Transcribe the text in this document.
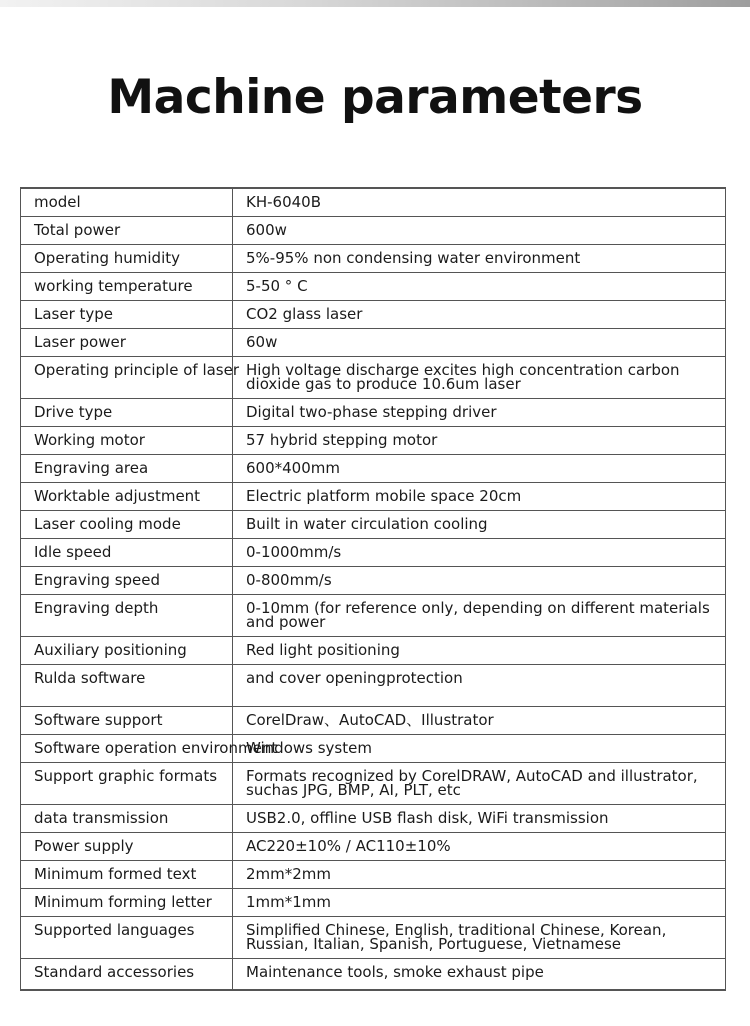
Machine parameters
model	KH-6040B
Total power	600w
Operating humidity	5%-95% non condensing water environment
working temperature	5-50 ° C
Laser type	CO2 glass laser
Laser power	60w
Operating principle of laser	High voltage discharge excites high concentration carbon dioxide gas to produce 10.6um laser
Drive type	Digital two-phase stepping driver
Working motor	57 hybrid stepping motor
Engraving area	600*400mm
Worktable adjustment	Electric platform mobile space 20cm
Laser cooling mode	Built in water circulation cooling
Idle speed	0-1000mm/s
Engraving speed	0-800mm/s
Engraving depth	0-10mm (for reference only, depending on different materials and power
Auxiliary positioning	Red light positioning
Rulda software	and cover openingprotection
Software support	CorelDraw、AutoCAD、Illustrator
Software operation environment	Windows system
Support graphic formats	Formats recognized by CorelDRAW, AutoCAD and illustrator, suchas JPG, BMP, AI, PLT, etc
data transmission	USB2.0, offline USB flash disk, WiFi transmission
Power supply	AC220±10% / AC110±10%
Minimum formed text	2mm*2mm
Minimum forming letter	1mm*1mm
Supported languages	Simplified Chinese, English, traditional Chinese, Korean, Russian, Italian, Spanish, Portuguese, Vietnamese
Standard accessories	Maintenance tools, smoke exhaust pipe
